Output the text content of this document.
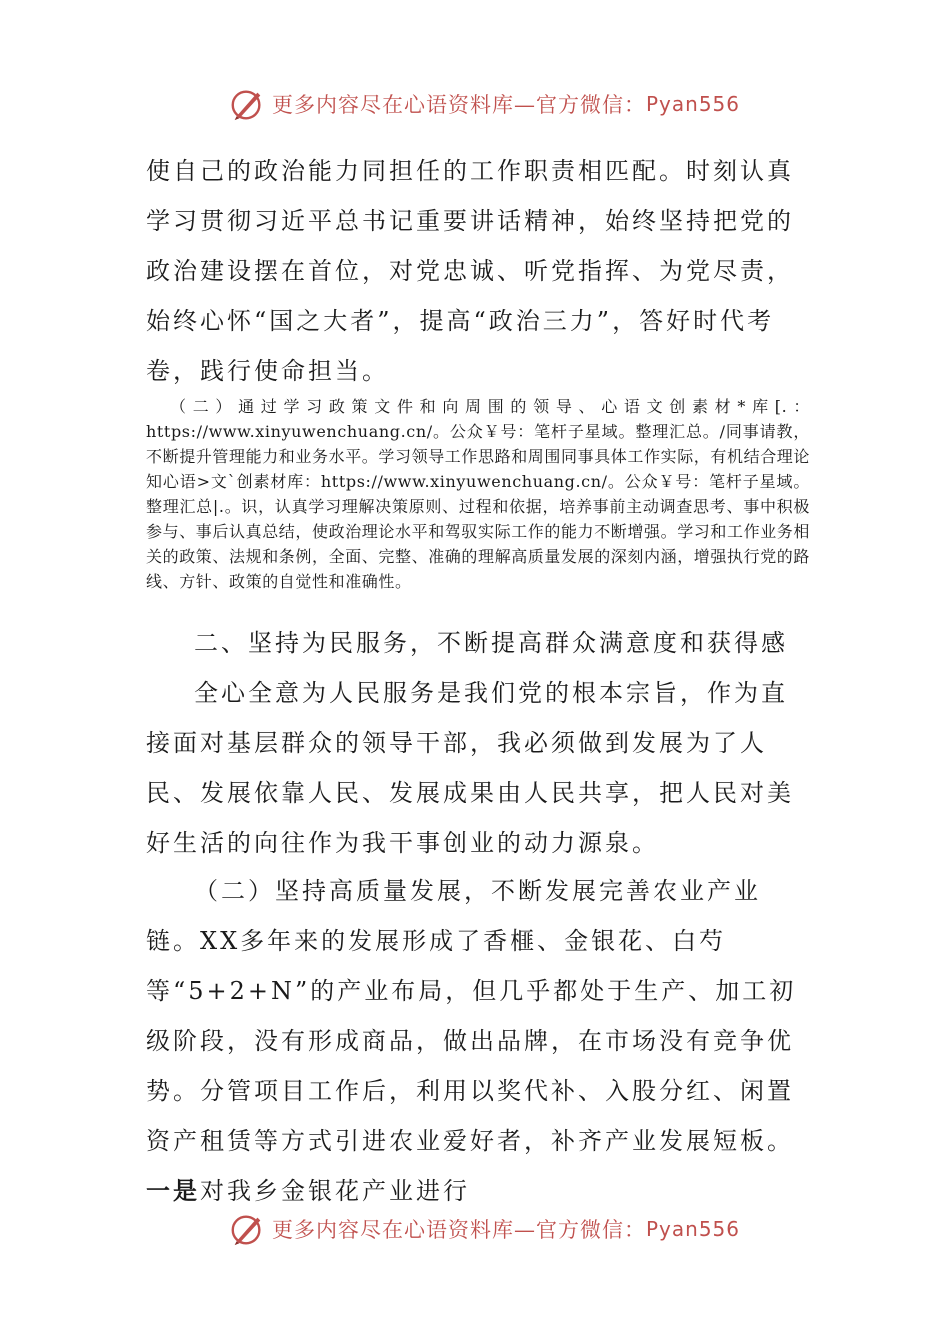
更多内容尽在心语资料库—官方微信： Pyan556

使自己的政治能力同担任的工作职责相匹配。时刻认真学习贯彻习近平总书记重要讲话精神，始终坚持把党的政治建设摆在首位，对党忠诚、听党指挥、为党尽责，始终心怀“国之大者”，提高“政治三力”，答好时代考卷，践行使命担当。

（二）通过学习政策文件和向周围的领导、心语文创素材*库[.：https://www.xinyuwenchuang.cn/。公众￥号：笔杆子星域。整理汇总。/同事请教，不断提升管理能力和业务水平。学习领导工作思路和周围同事具体工作实际，有机结合理论知心语>文`创素材库：https://www.xinyuwenchuang.cn/。公众￥号：笔杆子星域。整理汇总|.。识，认真学习理解决策原则、过程和依据，培养事前主动调查思考、事中积极参与、事后认真总结，使政治理论水平和驾驭实际工作的能力不断增强。学习和工作业务相关的政策、法规和条例，全面、完整、准确的理解高质量发展的深刻内涵，增强执行党的路线、方针、政策的自觉性和准确性。

二、坚持为民服务，不断提高群众满意度和获得感

全心全意为人民服务是我们党的根本宗旨，作为直接面对基层群众的领导干部，我必须做到发展为了人民、发展依靠人民、发展成果由人民共享，把人民对美好生活的向往作为我干事创业的动力源泉。

（二）坚持高质量发展，不断发展完善农业产业链。XX多年来的发展形成了香榧、金银花、白芍等“5+2+N”的产业布局，但几乎都处于生产、加工初级阶段，没有形成商品，做出品牌，在市场没有竞争优势。分管项目工作后，利用以奖代补、入股分红、闲置资产租赁等方式引进农业爱好者，补齐产业发展短板。一是对我乡金银花产业进行

更多内容尽在心语资料库—官方微信： Pyan556
